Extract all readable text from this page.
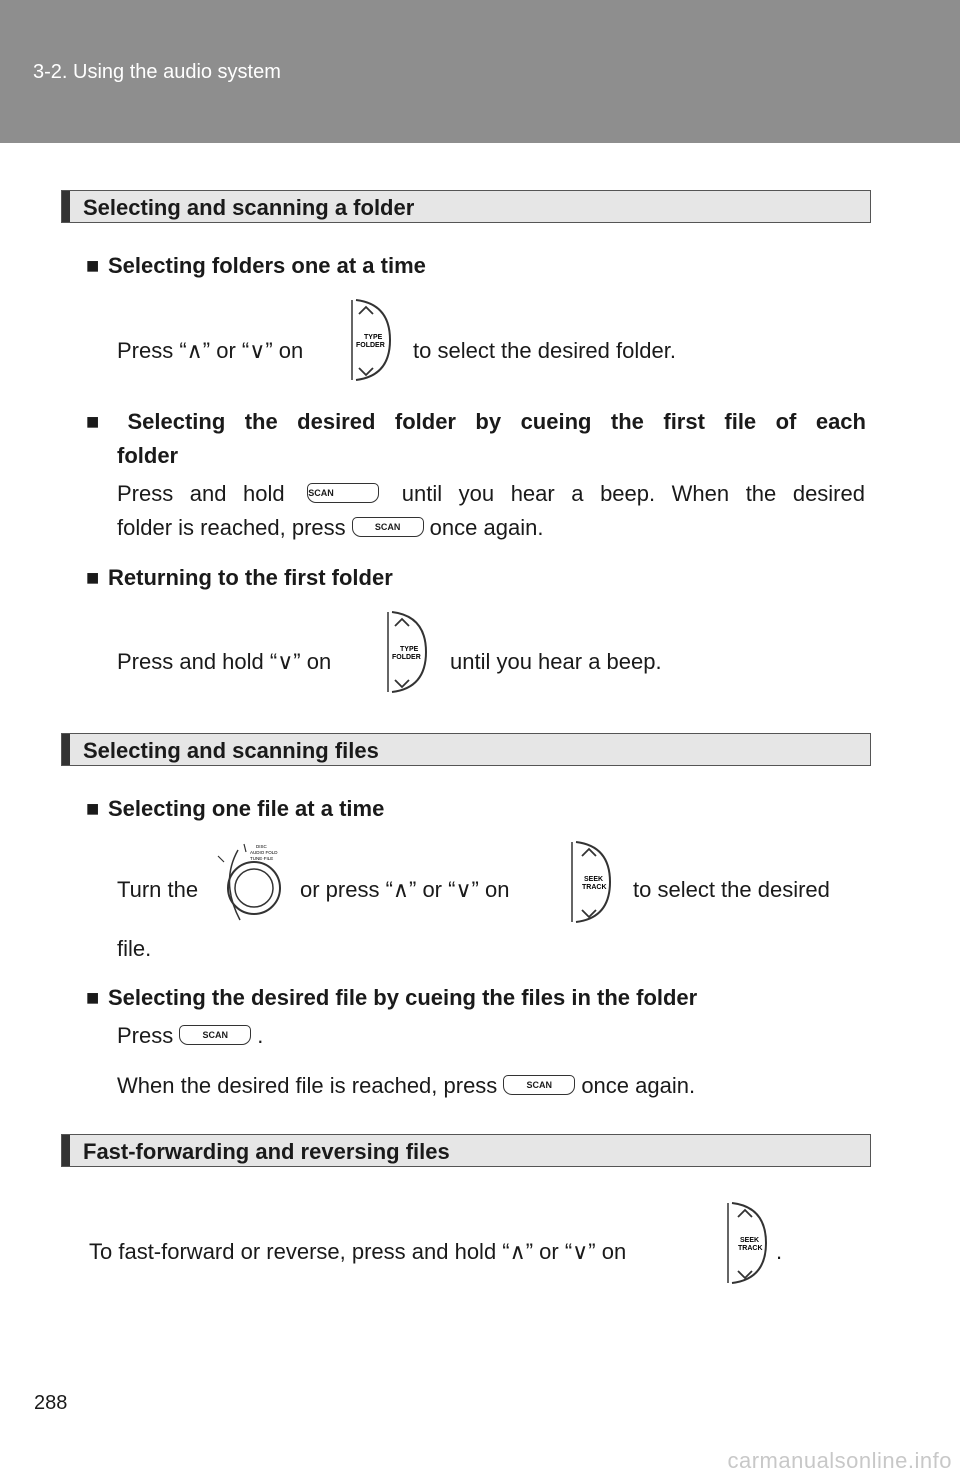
3-2. Using the audio system
Selecting and scanning a folder
■ Selecting folders one at a time
Press “∧” or “∨” on
TYPE
FOLDER to select the desired folder.
■ Selecting the desired folder by cueing the first file of each
folder
Press and hold	SCAN	until you hear a beep. When the desired
folder is reached, press	SCAN once again.
■ Returning to the first folder
Press and hold “∨” on	TYPE
FOLDER until you hear a beep.
Selecting and scanning files
■ Selecting one file at a time
Turn the
DISC
AUDIO FOLD
TUNE·FILE
or press “∧” or “∨” on	SEEK
TRACK to select the desired
file.
■ Selecting the desired file by cueing the files in the folder
Press	SCAN .
When the desired file is reached, press	SCAN once again.
Fast-forwarding and reversing files
To fast-forward or reverse, press and hold “∧” or “∨” on	SEEK
TRACK .
288
carmanualsonline.info
